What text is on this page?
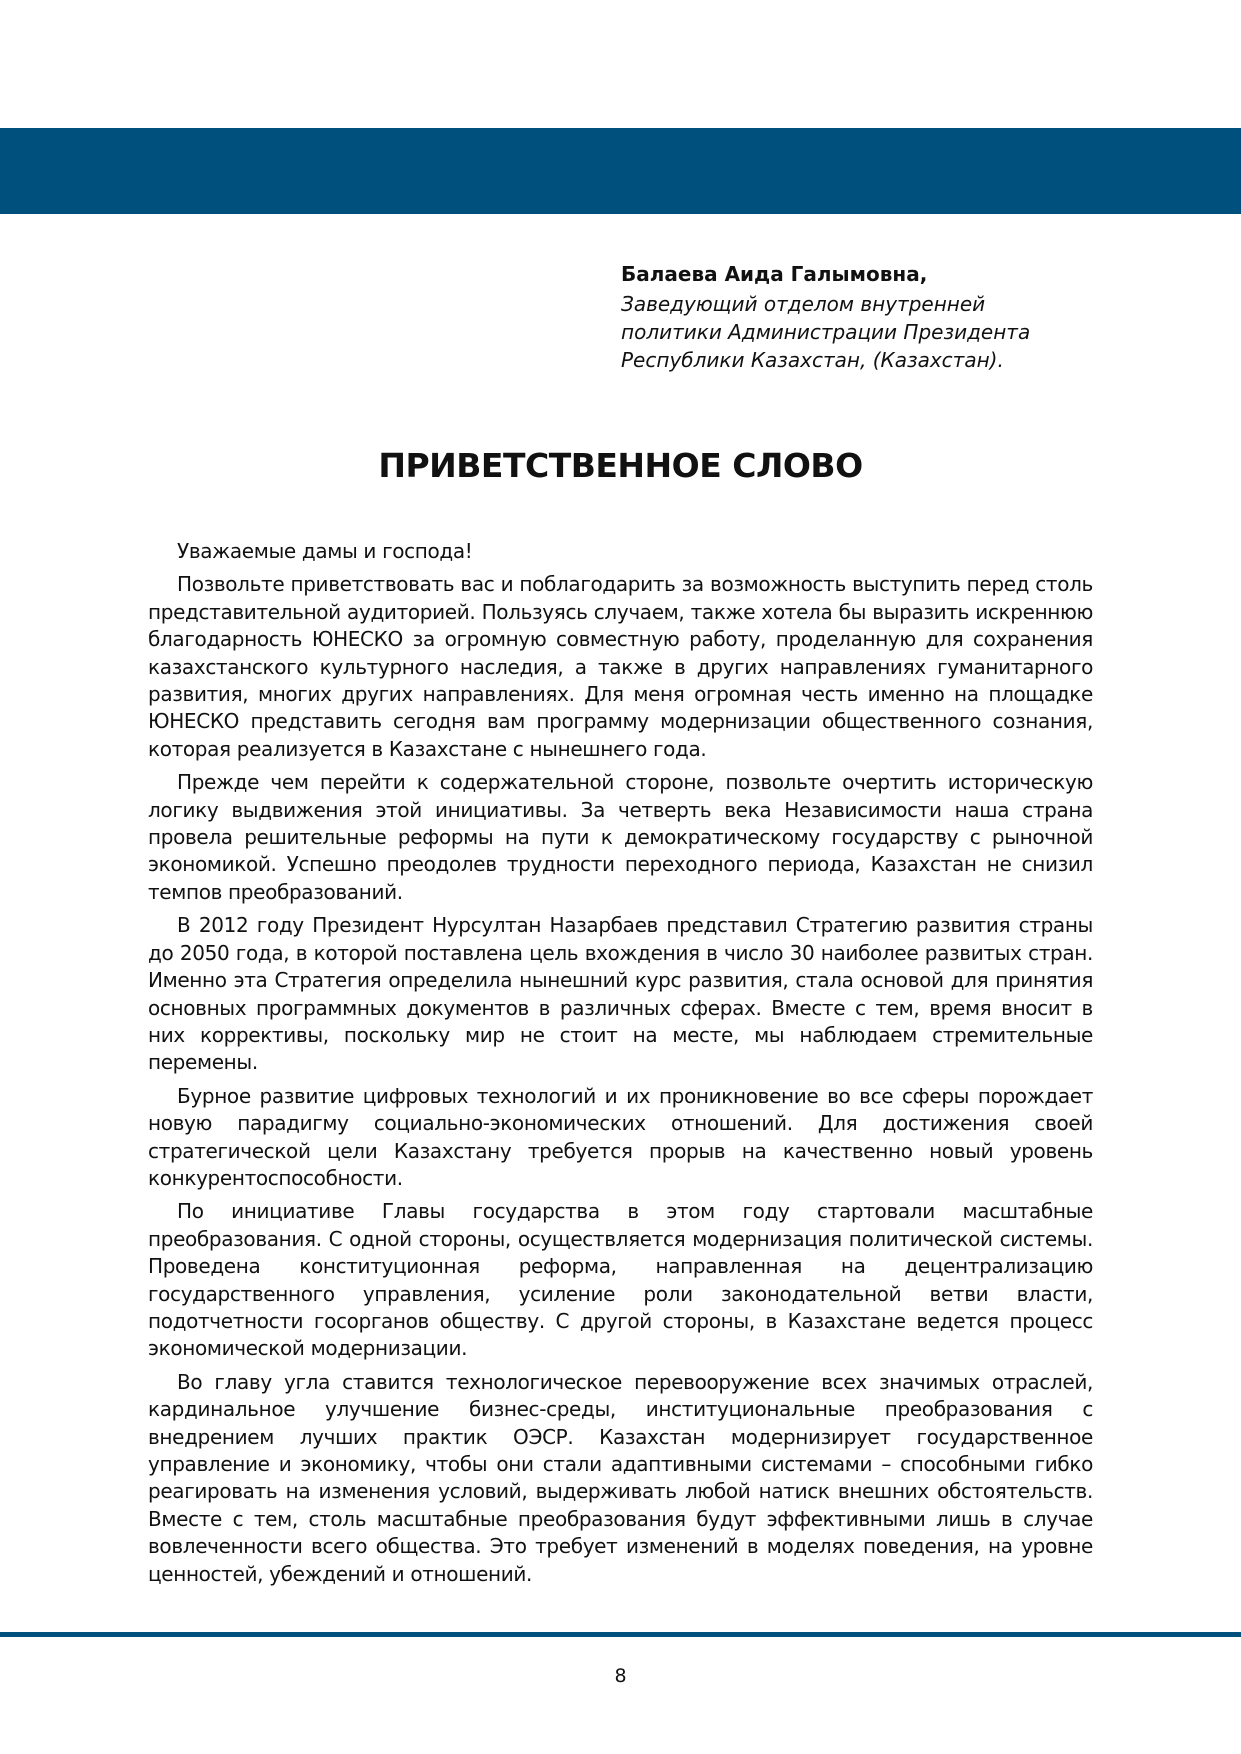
Балаева Аида Галымовна,

Заведующий отделом внутренней

политики Администрации Президента

Республики Казахстан, (Казахстан).

ПРИВЕТСТВЕННОЕ СЛОВО

Уважаемые дамы и господа!

Позвольте приветствовать вас и поблагодарить за возможность выступить перед столь представительной аудиторией. Пользуясь случаем, также хотела бы выразить искреннюю благодарность ЮНЕСКО за огромную совместную работу, проделанную для сохранения казахстанского культурного наследия, а также в других направлениях гуманитарного развития, многих других направлениях. Для меня огромная честь именно на площадке ЮНЕСКО представить сегодня вам программу модернизации общественного сознания, которая реализуется в Казахстане с нынешнего года.

Прежде чем перейти к содержательной стороне, позвольте очертить историческую логику выдвижения этой инициативы. За четверть века Независимости наша страна провела решительные реформы на пути к демократическому государству с рыночной экономикой. Успешно преодолев трудности переходного периода, Казахстан не снизил темпов преобразований.

В 2012 году Президент Нурсултан Назарбаев представил Стратегию развития страны до 2050 года, в которой поставлена цель вхождения в число 30 наиболее развитых стран. Именно эта Стратегия определила нынешний курс развития, стала основой для принятия основных программных документов в различных сферах. Вместе с тем, время вносит в них коррективы, поскольку мир не стоит на месте, мы наблюдаем стремительные перемены.

Бурное развитие цифровых технологий и их проникновение во все сферы порождает новую парадигму социально-экономических отношений. Для достижения своей стратегической цели Казахстану требуется прорыв на качественно новый уровень конкурентоспособности.

По инициативе Главы государства в этом году стартовали масштабные преобразования. С одной стороны, осуществляется модернизация политической системы. Проведена конституционная реформа, направленная на децентрализацию государственного управления, усиление роли законодательной ветви власти, подотчетности госорганов обществу. С другой стороны, в Казахстане ведется процесс экономической модернизации.

Во главу угла ставится технологическое перевооружение всех значимых отраслей, кардинальное улучшение бизнес-среды, институциональные преобразования с внедрением лучших практик ОЭСР. Казахстан модернизирует государственное управление и экономику, чтобы они стали адаптивными системами – способными гибко реагировать на изменения условий, выдерживать любой натиск внешних обстоятельств. Вместе с тем, столь масштабные преобразования будут эффективными лишь в случае вовлеченности всего общества. Это требует изменений в моделях поведения, на уровне ценностей, убеждений и отношений.

8
